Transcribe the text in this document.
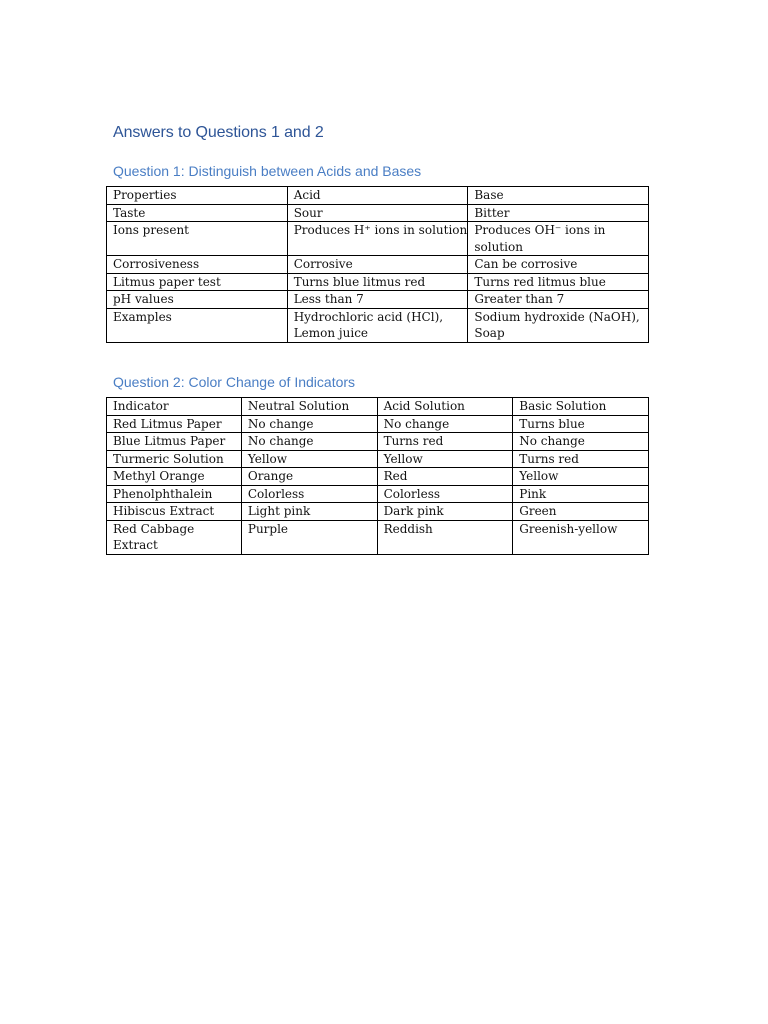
Answers to Questions 1 and 2
Question 1: Distinguish between Acids and Bases
Properties	Acid	Base
Taste	Sour	Bitter
Ions present	Produces H⁺ ions in solution	Produces OH⁻ ions in solution
Corrosiveness	Corrosive	Can be corrosive
Litmus paper test	Turns blue litmus red	Turns red litmus blue
pH values	Less than 7	Greater than 7
Examples	Hydrochloric acid (HCl), Lemon juice	Sodium hydroxide (NaOH), Soap
Question 2: Color Change of Indicators
Indicator	Neutral Solution	Acid Solution	Basic Solution
Red Litmus Paper	No change	No change	Turns blue
Blue Litmus Paper	No change	Turns red	No change
Turmeric Solution	Yellow	Yellow	Turns red
Methyl Orange	Orange	Red	Yellow
Phenolphthalein	Colorless	Colorless	Pink
Hibiscus Extract	Light pink	Dark pink	Green
Red Cabbage Extract	Purple	Reddish	Greenish-yellow
